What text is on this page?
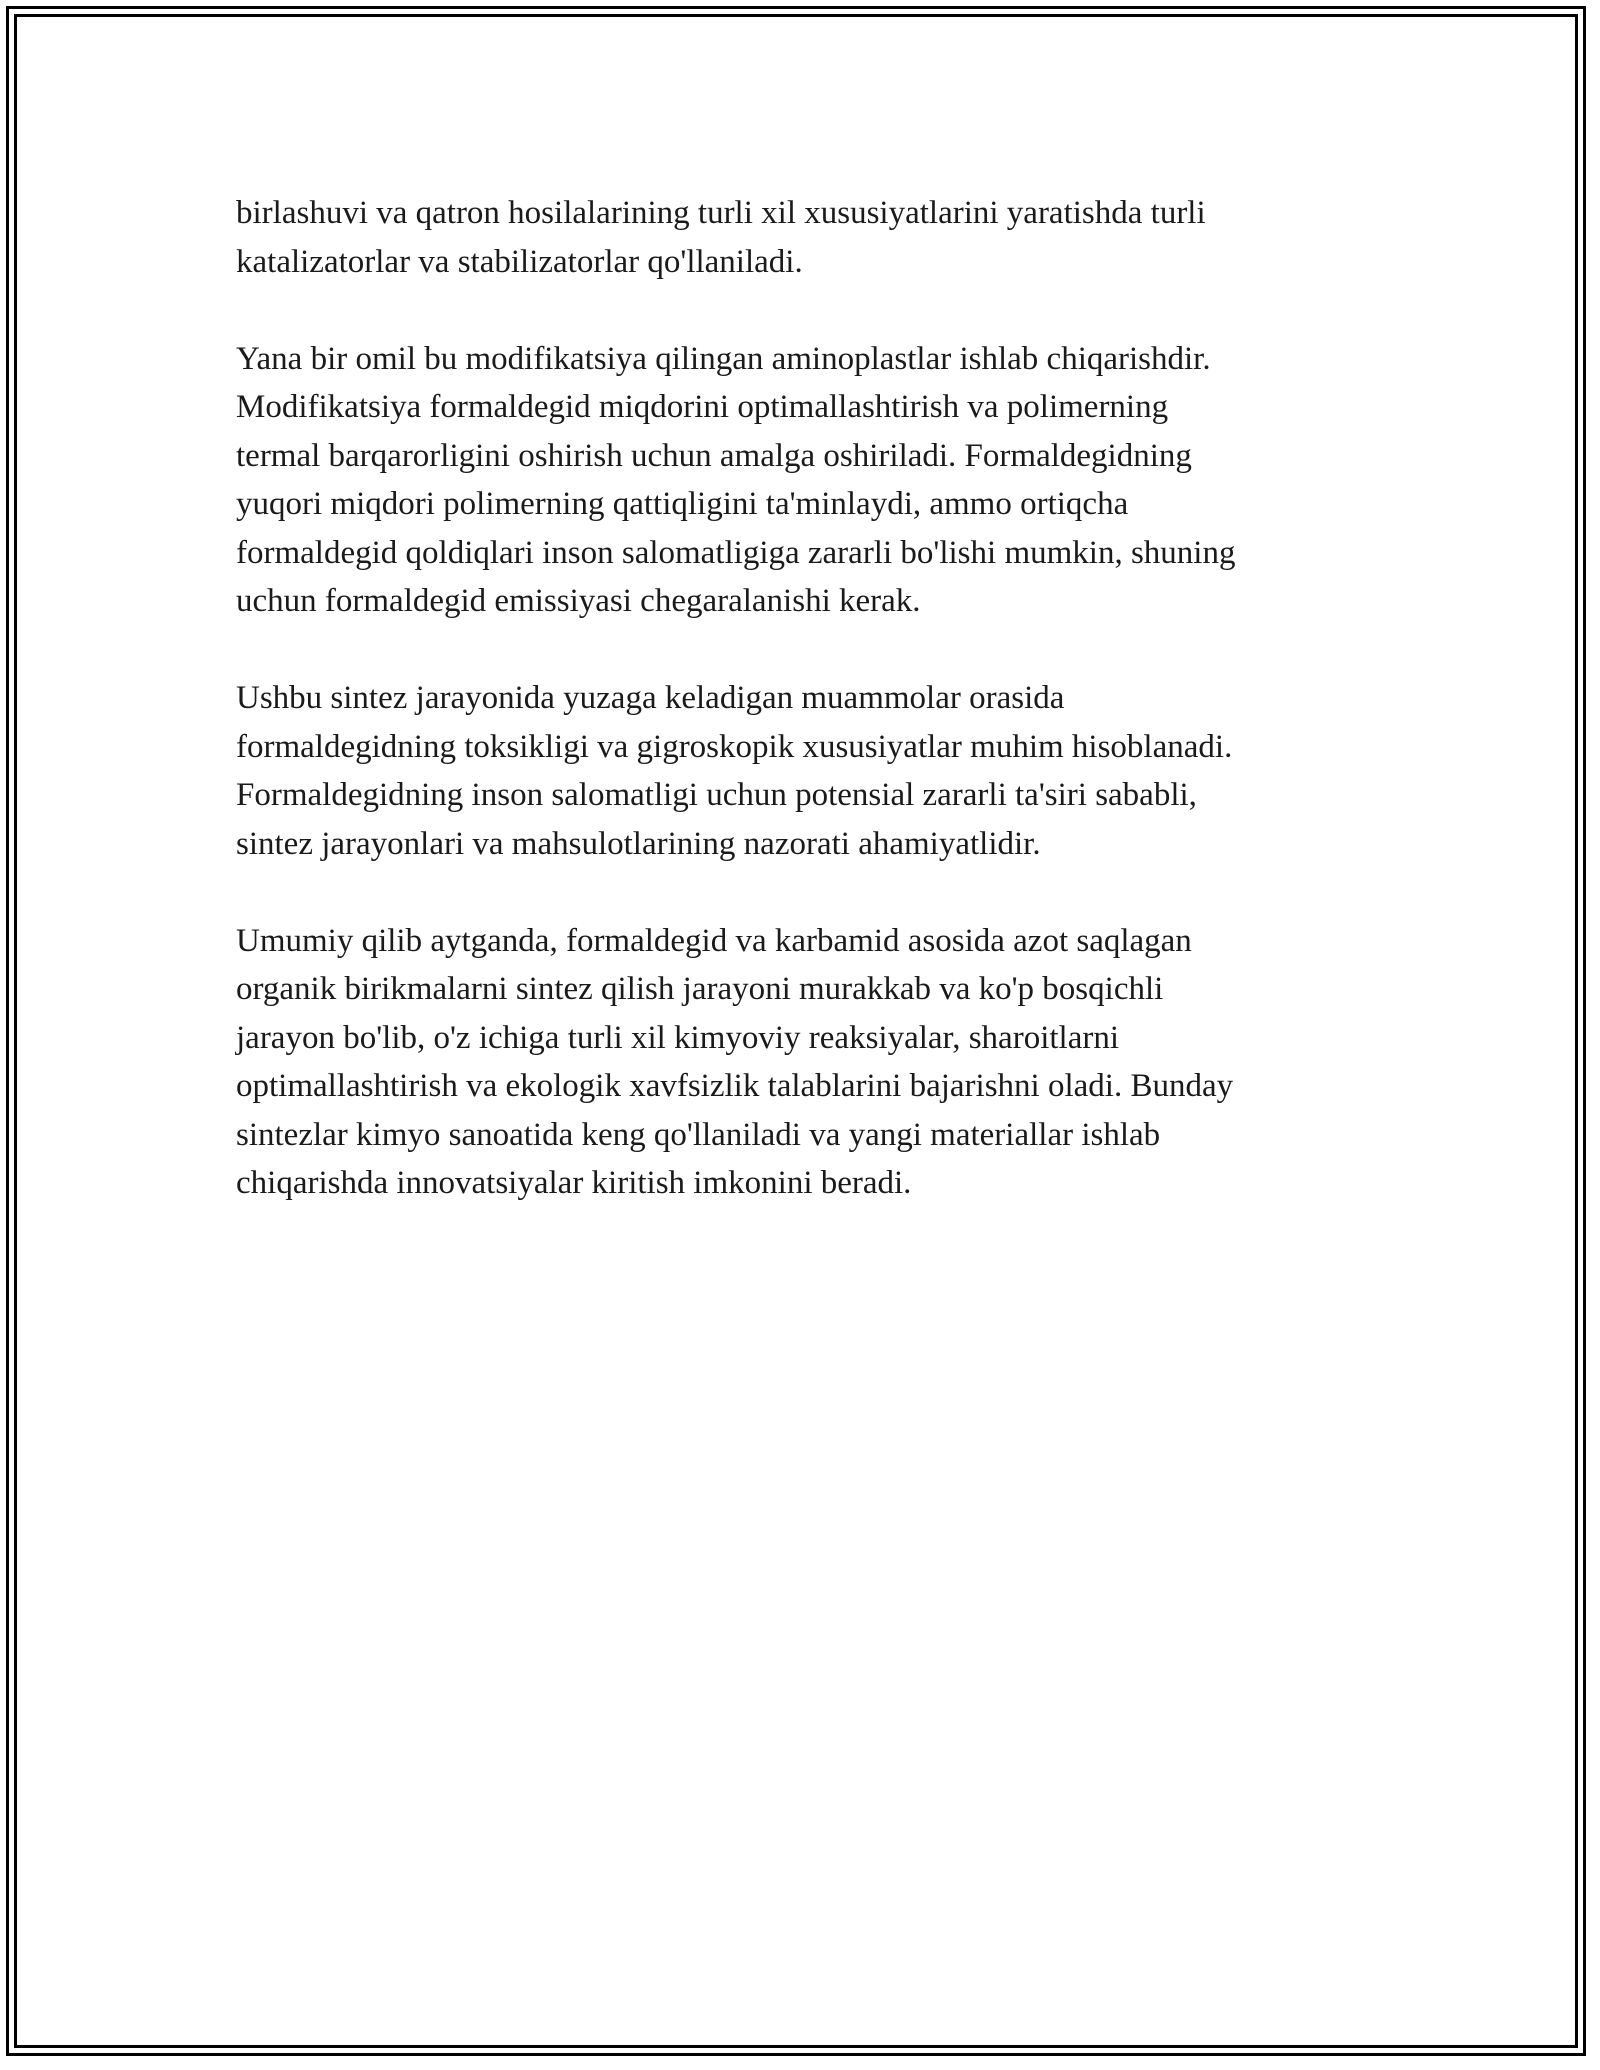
birlashuvi va qatron hosilalarining turli xil xususiyatlarini yaratishda turli
katalizatorlar va stabilizatorlar qo'llaniladi.

Yana bir omil bu modifikatsiya qilingan aminoplastlar ishlab chiqarishdir.
Modifikatsiya formaldegid miqdorini optimallashtirish va polimerning
termal barqarorligini oshirish uchun amalga oshiriladi. Formaldegidning
yuqori miqdori polimerning qattiqligini ta'minlaydi, ammo ortiqcha
formaldegid qoldiqlari inson salomatligiga zararli bo'lishi mumkin, shuning
uchun formaldegid emissiyasi chegaralanishi kerak.

Ushbu sintez jarayonida yuzaga keladigan muammolar orasida
formaldegidning toksikligi va gigroskopik xususiyatlar muhim hisoblanadi.
Formaldegidning inson salomatligi uchun potensial zararli ta'siri sababli,
sintez jarayonlari va mahsulotlarining nazorati ahamiyatlidir.

Umumiy qilib aytganda, formaldegid va karbamid asosida azot saqlagan
organik birikmalarni sintez qilish jarayoni murakkab va ko'p bosqichli
jarayon bo'lib, o'z ichiga turli xil kimyoviy reaksiyalar, sharoitlarni
optimallashtirish va ekologik xavfsizlik talablarini bajarishni oladi. Bunday
sintezlar kimyo sanoatida keng qo'llaniladi va yangi materiallar ishlab
chiqarishda innovatsiyalar kiritish imkonini beradi.
